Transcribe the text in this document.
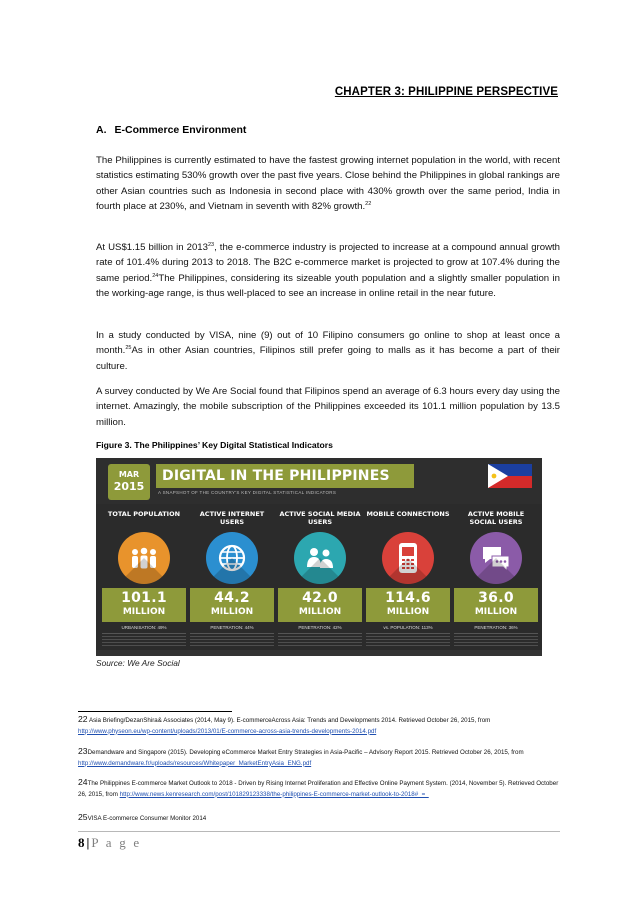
CHAPTER 3: PHILIPPINE PERSPECTIVE
A. E-Commerce Environment
The Philippines is currently estimated to have the fastest growing internet population in the world, with recent statistics estimating 530% growth over the past five years. Close behind the Philippines in global rankings are other Asian countries such as Indonesia in second place with 430% growth over the same period, India in fourth place at 230%, and Vietnam in seventh with 82% growth.$^{22}$
At US$1.15 billion in 2013$^{23}$, the e-commerce industry is projected to increase at a compound annual growth rate of 101.4% during 2013 to 2018. The B2C e-commerce market is projected to grow at 107.4% during the same period.$^{24}$The Philippines, considering its sizeable youth population and a slightly smaller population in the working-age range, is thus well-placed to see an increase in online retail in the near future.
In a study conducted by VISA, nine (9) out of 10 Filipino consumers go online to shop at least once a month.$^{25}$As in other Asian countries, Filipinos still prefer going to malls as it has become a part of their culture.
A survey conducted by We Are Social found that Filipinos spend an average of 6.3 hours every day using the internet. Amazingly, the mobile subscription of the Philippines exceeded its 101.1 million population by 13.5 million.
Figure 3. The Philippines’ Key Digital Statistical Indicators
MAR
2015
DIGITAL IN THE PHILIPPINES
A SNAPSHOT OF THE COUNTRY'S KEY DIGITAL STATISTICAL INDICATORS
TOTAL POPULATION
101.1
MILLION
URBANISATION: 49%
ACTIVE INTERNET USERS
44.2
MILLION
PENETRATION: 44%
ACTIVE SOCIAL MEDIA USERS
42.0
MILLION
PENETRATION: 42%
MOBILE CONNECTIONS
114.6
MILLION
vs. POPULATION: 113%
ACTIVE MOBILE SOCIAL USERS
36.0
MILLION
PENETRATION: 36%
Source: We Are Social
22 Asia Briefing/DezanShira& Associates (2014, May 9). E-commerceAcross Asia: Trends and Developments 2014. Retrieved October 26, 2015, from http://www.physeon.eu/wp-content/uploads/2013/01/E-commerce-across-asia-trends-developments-2014.pdf
23Demandware and Singapore (2015). Developing eCommerce Market Entry Strategies in Asia-Pacific – Advisory Report 2015. Retrieved October 26, 2015, from http://www.demandware.fr/uploads/resources/Whitepaper_MarketEntryAsia_ENG.pdf
24The Philippines E-commerce Market Outlook to 2018 - Driven by Rising Internet Proliferation and Effective Online Payment System. (2014, November 5). Retrieved October 26, 2015, from http://www.news.kenresearch.com/post/101829123338/the-philippines-E-commerce-market-outlook-to-2018#_=_
25VISA E-commerce Consumer Monitor 2014
8 | P a g e
